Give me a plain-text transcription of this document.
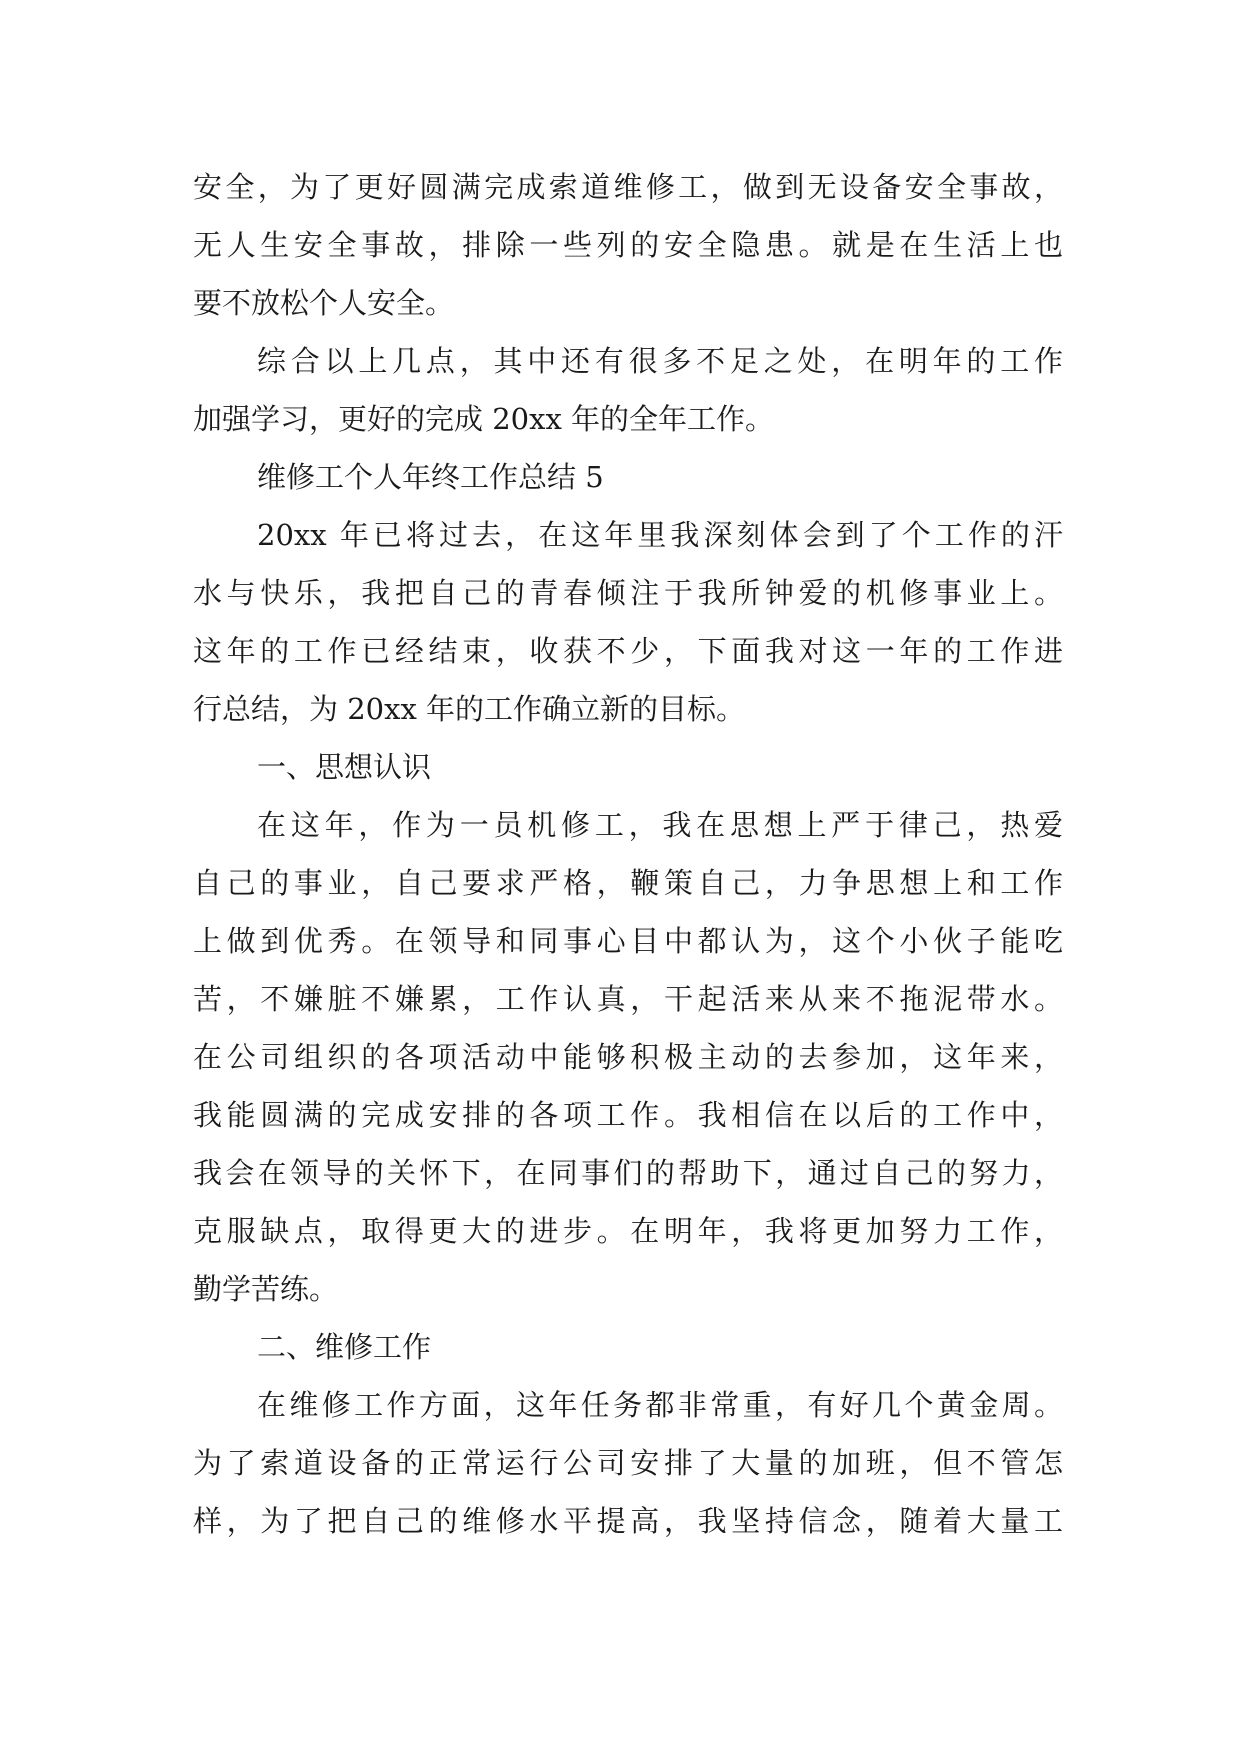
安全，为了更好圆满完成索道维修工，做到无设备安全事故，
无人生安全事故，排除一些列的安全隐患。就是在生活上也
要不放松个人安全。
综合以上几点，其中还有很多不足之处，在明年的工作
加强学习，更好的完成 20xx 年的全年工作。
维修工个人年终工作总结 5
20xx 年已将过去，在这年里我深刻体会到了个工作的汗
水与快乐，我把自己的青春倾注于我所钟爱的机修事业上。
这年的工作已经结束，收获不少，下面我对这一年的工作进
行总结，为 20xx 年的工作确立新的目标。
一、思想认识
在这年，作为一员机修工，我在思想上严于律己，热爱
自己的事业，自己要求严格，鞭策自己，力争思想上和工作
上做到优秀。在领导和同事心目中都认为，这个小伙子能吃
苦，不嫌脏不嫌累，工作认真，干起活来从来不拖泥带水。
在公司组织的各项活动中能够积极主动的去参加，这年来，
我能圆满的完成安排的各项工作。我相信在以后的工作中，
我会在领导的关怀下，在同事们的帮助下，通过自己的努力，
克服缺点，取得更大的进步。在明年，我将更加努力工作，
勤学苦练。
二、维修工作
在维修工作方面，这年任务都非常重，有好几个黄金周。
为了索道设备的正常运行公司安排了大量的加班，但不管怎
样，为了把自己的维修水平提高，我坚持信念，随着大量工
